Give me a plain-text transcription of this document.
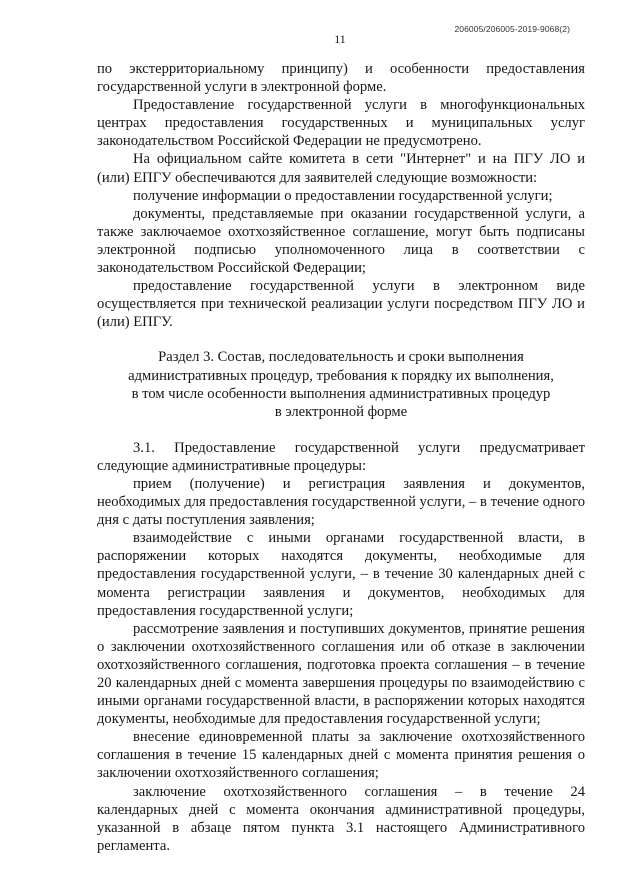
206005/206005-2019-9068(2)
11

по экстерриториальному принципу) и особенности предоставления государственной услуги в электронной форме.

Предоставление государственной услуги в многофункциональных центрах предоставления государственных и муниципальных услуг законодательством Российской Федерации не предусмотрено.

На официальном сайте комитета в сети "Интернет" и на ПГУ ЛО и (или) ЕПГУ обеспечиваются для заявителей следующие возможности:

получение информации о предоставлении государственной услуги;

документы, представляемые при оказании государственной услуги, а также заключаемое охотхозяйственное соглашение, могут быть подписаны электронной подписью уполномоченного лица в соответствии с законодательством Российской Федерации;

предоставление государственной услуги в электронном виде осуществляется при технической реализации услуги посредством ПГУ ЛО и (или) ЕПГУ.

Раздел 3. Состав, последовательность и сроки выполнения
административных процедур, требования к порядку их выполнения,
в том числе особенности выполнения административных процедур
в электронной форме

3.1. Предоставление государственной услуги предусматривает следующие административные процедуры:

прием (получение) и регистрация заявления и документов, необходимых для предоставления государственной услуги, – в течение одного дня с даты поступления заявления;

взаимодействие с иными органами государственной власти, в распоряжении которых находятся документы, необходимые для предоставления государственной услуги, – в течение 30 календарных дней с момента регистрации заявления и документов, необходимых для предоставления государственной услуги;

рассмотрение заявления и поступивших документов, принятие решения о заключении охотхозяйственного соглашения или об отказе в заключении охотхозяйственного соглашения, подготовка проекта соглашения – в течение 20 календарных дней с момента завершения процедуры по взаимодействию с иными органами государственной власти, в распоряжении которых находятся документы, необходимые для предоставления государственной услуги;

внесение единовременной платы за заключение охотхозяйственного соглашения в течение 15 календарных дней с момента принятия решения о заключении охотхозяйственного соглашения;

заключение охотхозяйственного соглашения – в течение 24 календарных дней с момента окончания административной процедуры, указанной в абзаце пятом пункта 3.1 настоящего Административного регламента.
